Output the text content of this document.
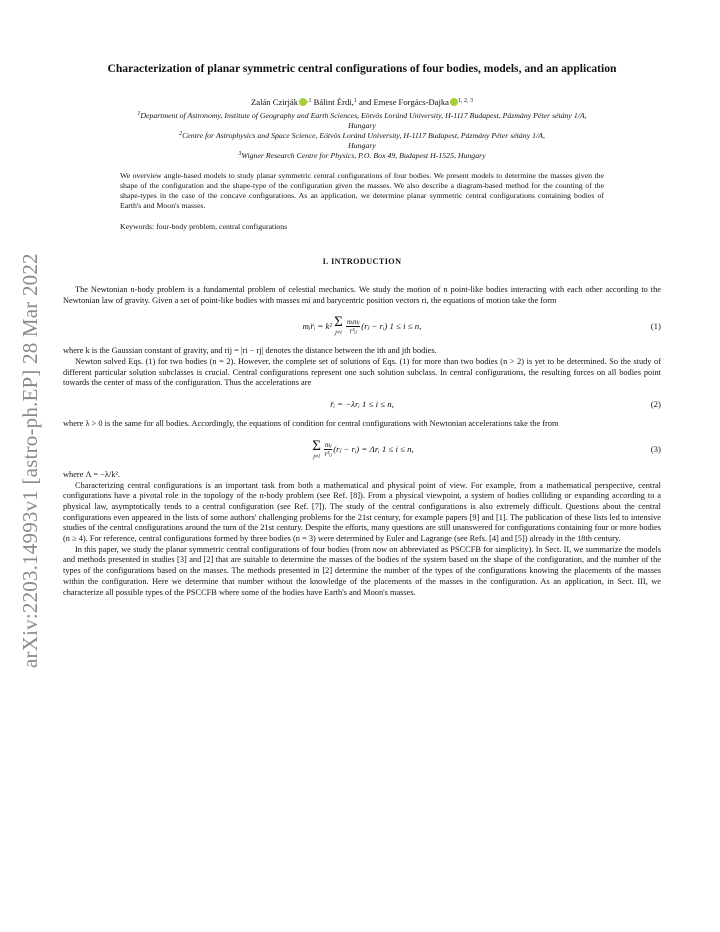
arXiv:2203.14993v1 [astro-ph.EP] 28 Mar 2022
Characterization of planar symmetric central configurations of four bodies, models, and an application
Zalán Czirják $^{,1}$ Bálint Érdi,$^1$ and Emese Forgács-Dajka $^{1, 2, 3}$
$^1$Department of Astronomy, Institute of Geography and Earth Sciences, Eötvös Loránd University, H-1117 Budapest, Pázmány Péter sétány 1/A, Hungary
$^2$Centre for Astrophysics and Space Science, Eötvös Loránd University, H-1117 Budapest, Pázmány Péter sétány 1/A, Hungary
$^3$Wigner Research Centre for Physics, P.O. Box 49, Budapest H-1525, Hungary
We overview angle-based models to study planar symmetric central configurations of four bodies. We present models to determine the masses given the shape of the configuration and the shape-type of the configuration given the masses. We also describe a diagram-based method for the counting of the shape-types in the case of the concave configurations. As an application, we determine planar symmetric central configurations containing bodies of Earth's and Moon's masses.
Keywords: four-body problem, central configurations
I. INTRODUCTION

The Newtonian n-body problem is a fundamental problem of celestial mechanics. We study the motion of n point-like bodies interacting with each other according to the Newtonian law of gravity. Given a set of point-like bodies with masses mi and barycentric position vectors ri, the equations of motion take the form

mᵢr̈ᵢ = k² Σ
$j\ne i \frac{\text{mᵢmⱼ}}{\text{r³ᵢⱼ}}$ (rⱼ − rᵢ) 1 ≤ i ≤ n,	(1)

where k is the Gaussian constant of gravity, and rij = |ri − rj| denotes the distance between the ith and jth bodies.

Newton solved Eqs. (1) for two bodies (n = 2). However, the complete set of solutions of Eqs. (1) for more than two bodies (n > 2) is yet to be determined. So the study of different particular solution subclasses is crucial. Central configurations represent one such solution subclass. In central configurations, the resulting forces on all bodies point towards the center of mass of the configuration. Thus the accelerations are

r̈ᵢ = −λrᵢ 1 ≤ i ≤ n,	(2)

where λ > 0 is the same for all bodies. Accordingly, the equations of condition for central configurations with Newtonian accelerations take the from

Σ
$j\ne i \frac{\text{mⱼ}}{\text{r³ᵢⱼ}}$ (rⱼ − rᵢ) = Λrᵢ 1 ≤ i ≤ n,	(3)

where Λ = −λ/k².

Characterizing central configurations is an important task from both a mathematical and physical point of view. For example, from a mathematical perspective, central configurations have a pivotal role in the topology of the n-body problem (see Ref. [8]). From a physical viewpoint, a system of bodies colliding or expanding according to a physical law, asymptotically tends to a central configuration (see Ref. [7]). The study of the central configurations is also extremely difficult. Questions about the central configurations even appeared in the lists of some authors' challenging problems for the 21st century, for example papers [9] and [1]. The publication of these lists led to intensive studies of the central configurations around the turn of the 21st century. Despite the efforts, many questions are still unanswered for configurations containing four or more bodies (n ≥ 4). For reference, central configurations formed by three bodies (n = 3) were determined by Euler and Lagrange (see Refs. [4] and [5]) already in the 18th century.

In this paper, we study the planar symmetric central configurations of four bodies (from now on abbreviated as PSCCFB for simplicity). In Sect. II, we summarize the models and methods presented in studies [3] and [2] that are suitable to determine the masses of the bodies of the system based on the shape of the configuration, and the number of the types of the configurations based on the masses. The methods presented in [2] determine the number of the types of the configurations knowing the placements of the masses within the configuration. Here we determine that number without the knowledge of the placements of the masses in the configuration. As an application, in Sect. III, we characterize all possible types of the PSCCFB where some of the bodies have Earth's and Moon's masses.
